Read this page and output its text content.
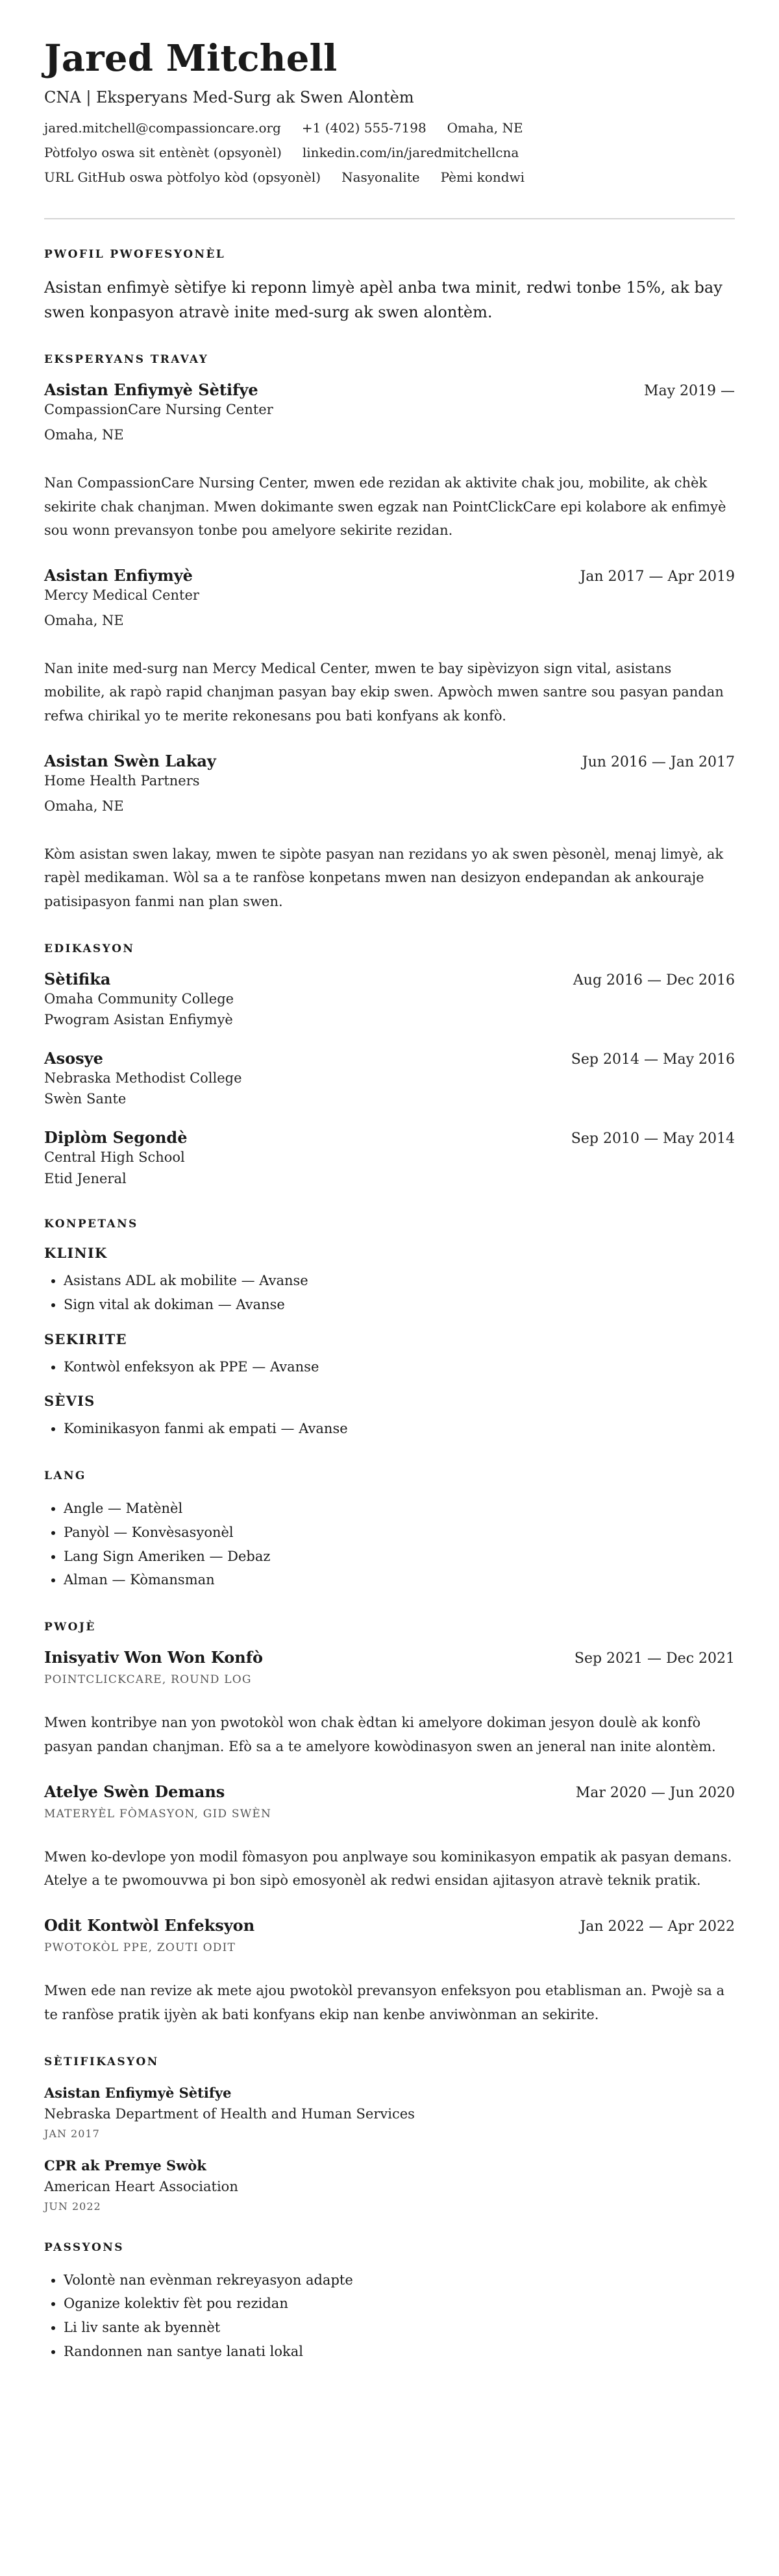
Jared Mitchell
CNA | Eksperyans Med-Surg ak Swen Alontèm
jared.mitchell@compassioncare.org +1 (402) 555-7198 Omaha, NE
Pòtfolyo oswa sit entènèt (opsyonèl) linkedin.com/in/jaredmitchellcna
URL GitHub oswa pòtfolyo kòd (opsyonèl) Nasyonalite Pèmi kondwi
PWOFIL PWOFESYONÈL

Asistan enfimyè sètifye ki reponn limyè apèl anba twa minit, redwi tonbe 15%, ak bay swen konpasyon atravè inite med-surg ak swen alontèm.

EKSPERYANS TRAVAY
Asistan Enfiymyè Sètifye	May 2019 —
CompassionCare Nursing Center
Omaha, NE

Nan CompassionCare Nursing Center, mwen ede rezidan ak aktivite chak jou, mobilite, ak chèk sekirite chak chanjman. Mwen dokimante swen egzak nan PointClickCare epi kolabore ak enfimyè sou wonn prevansyon tonbe pou amelyore sekirite rezidan.

Asistan Enfiymyè	Jan 2017 — Apr 2019
Mercy Medical Center
Omaha, NE

Nan inite med-surg nan Mercy Medical Center, mwen te bay sipèvizyon sign vital, asistans mobilite, ak rapò rapid chanjman pasyan bay ekip swen. Apwòch mwen santre sou pasyan pandan refwa chirikal yo te merite rekonesans pou bati konfyans ak konfò.

Asistan Swèn Lakay	Jun 2016 — Jan 2017
Home Health Partners
Omaha, NE

Kòm asistan swen lakay, mwen te sipòte pasyan nan rezidans yo ak swen pèsonèl, menaj limyè, ak rapèl medikaman. Wòl sa a te ranfòse konpetans mwen nan desizyon endepandan ak ankouraje patisipasyon fanmi nan plan swen.

EDIKASYON
Sètifika	Aug 2016 — Dec 2016
Omaha Community College
Pwogram Asistan Enfiymyè
Asosye	Sep 2014 — May 2016
Nebraska Methodist College
Swèn Sante
Diplòm Segondè	Sep 2010 — May 2014
Central High School
Etid Jeneral
KONPETANS
KLINIK
• Asistans ADL ak mobilite — Avanse
• Sign vital ak dokiman — Avanse
SEKIRITE
• Kontwòl enfeksyon ak PPE — Avanse
SÈVIS
• Kominikasyon fanmi ak empati — Avanse
LANG
• Angle — Matènèl
• Panyòl — Konvèsasyonèl
• Lang Sign Ameriken — Debaz
• Alman — Kòmansman
PWOJÈ
Inisyativ Won Won Konfò	Sep 2021 — Dec 2021
POINTCLICKCARE, ROUND LOG

Mwen kontribye nan yon pwotokòl won chak èdtan ki amelyore dokiman jesyon doulè ak konfò pasyan pandan chanjman. Efò sa a te amelyore kowòdinasyon swen an jeneral nan inite alontèm.

Atelye Swèn Demans	Mar 2020 — Jun 2020
MATERYÈL FÒMASYON, GID SWÈN

Mwen ko-devlope yon modil fòmasyon pou anplwaye sou kominikasyon empatik ak pasyan demans. Atelye a te pwomouvwa pi bon sipò emosyonèl ak redwi ensidan ajitasyon atravè teknik pratik.

Odit Kontwòl Enfeksyon	Jan 2022 — Apr 2022
PWOTOKÒL PPE, ZOUTI ODIT

Mwen ede nan revize ak mete ajou pwotokòl prevansyon enfeksyon pou etablisman an. Pwojè sa a te ranfòse pratik ijyèn ak bati konfyans ekip nan kenbe anviwònman an sekirite.

SÈTIFIKASYON
Asistan Enfiymyè Sètifye
Nebraska Department of Health and Human Services
JAN 2017
CPR ak Premye Swòk
American Heart Association
JUN 2022
PASSYONS
• Volontè nan evènman rekreyasyon adapte
• Oganize kolektiv fèt pou rezidan
• Li liv sante ak byennèt
• Randonnen nan santye lanati lokal
